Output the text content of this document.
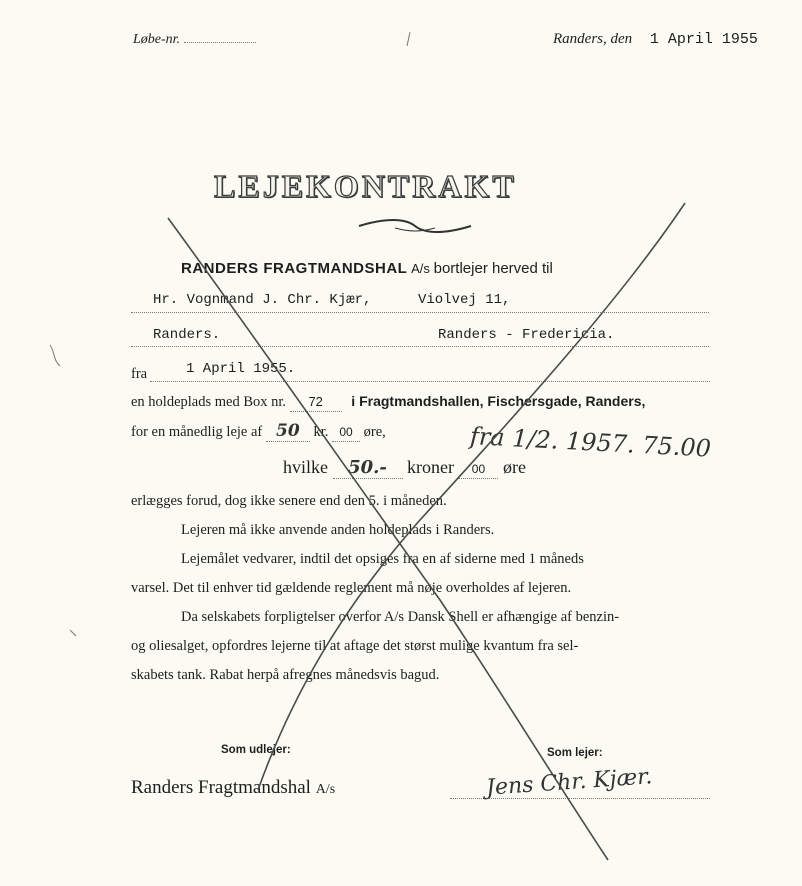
Løbe-nr.	Randers, den 1 April 1955
LEJEKONTRAKT
RANDERS FRAGTMANDSHAL A/s bortlejer herved til
Hr. Vognmand J. Chr. Kjær,	Violvej 11,
Randers.	Randers - Fredericia.
fra	1 April 1955.
en holdeplads med Box nr. 72 i Fragtmandshallen, Fischersgade, Randers,
for en månedlig leje af 50 kr. 00 øre,	fra 1/2. 1957. 75.00
hvilke 50.- kroner 00 øre
erlægges forud, dog ikke senere end den 5. i måneden.
Lejeren må ikke anvende anden holdeplads i Randers.
Lejemålet vedvarer, indtil det opsiges fra en af siderne med 1 måneds
varsel. Det til enhver tid gældende reglement må nøje overholdes af lejeren.
Da selskabets forpligtelser overfor A/s Dansk Shell er afhængige af benzin-
og oliesalget, opfordres lejerne til at aftage det størst mulige kvantum fra sel-
skabets tank. Rabat herpå afregnes månedsvis bagud.
Som udlejer:
Randers Fragtmandshal A/s
Som lejer:
Jens Chr. Kjær.
